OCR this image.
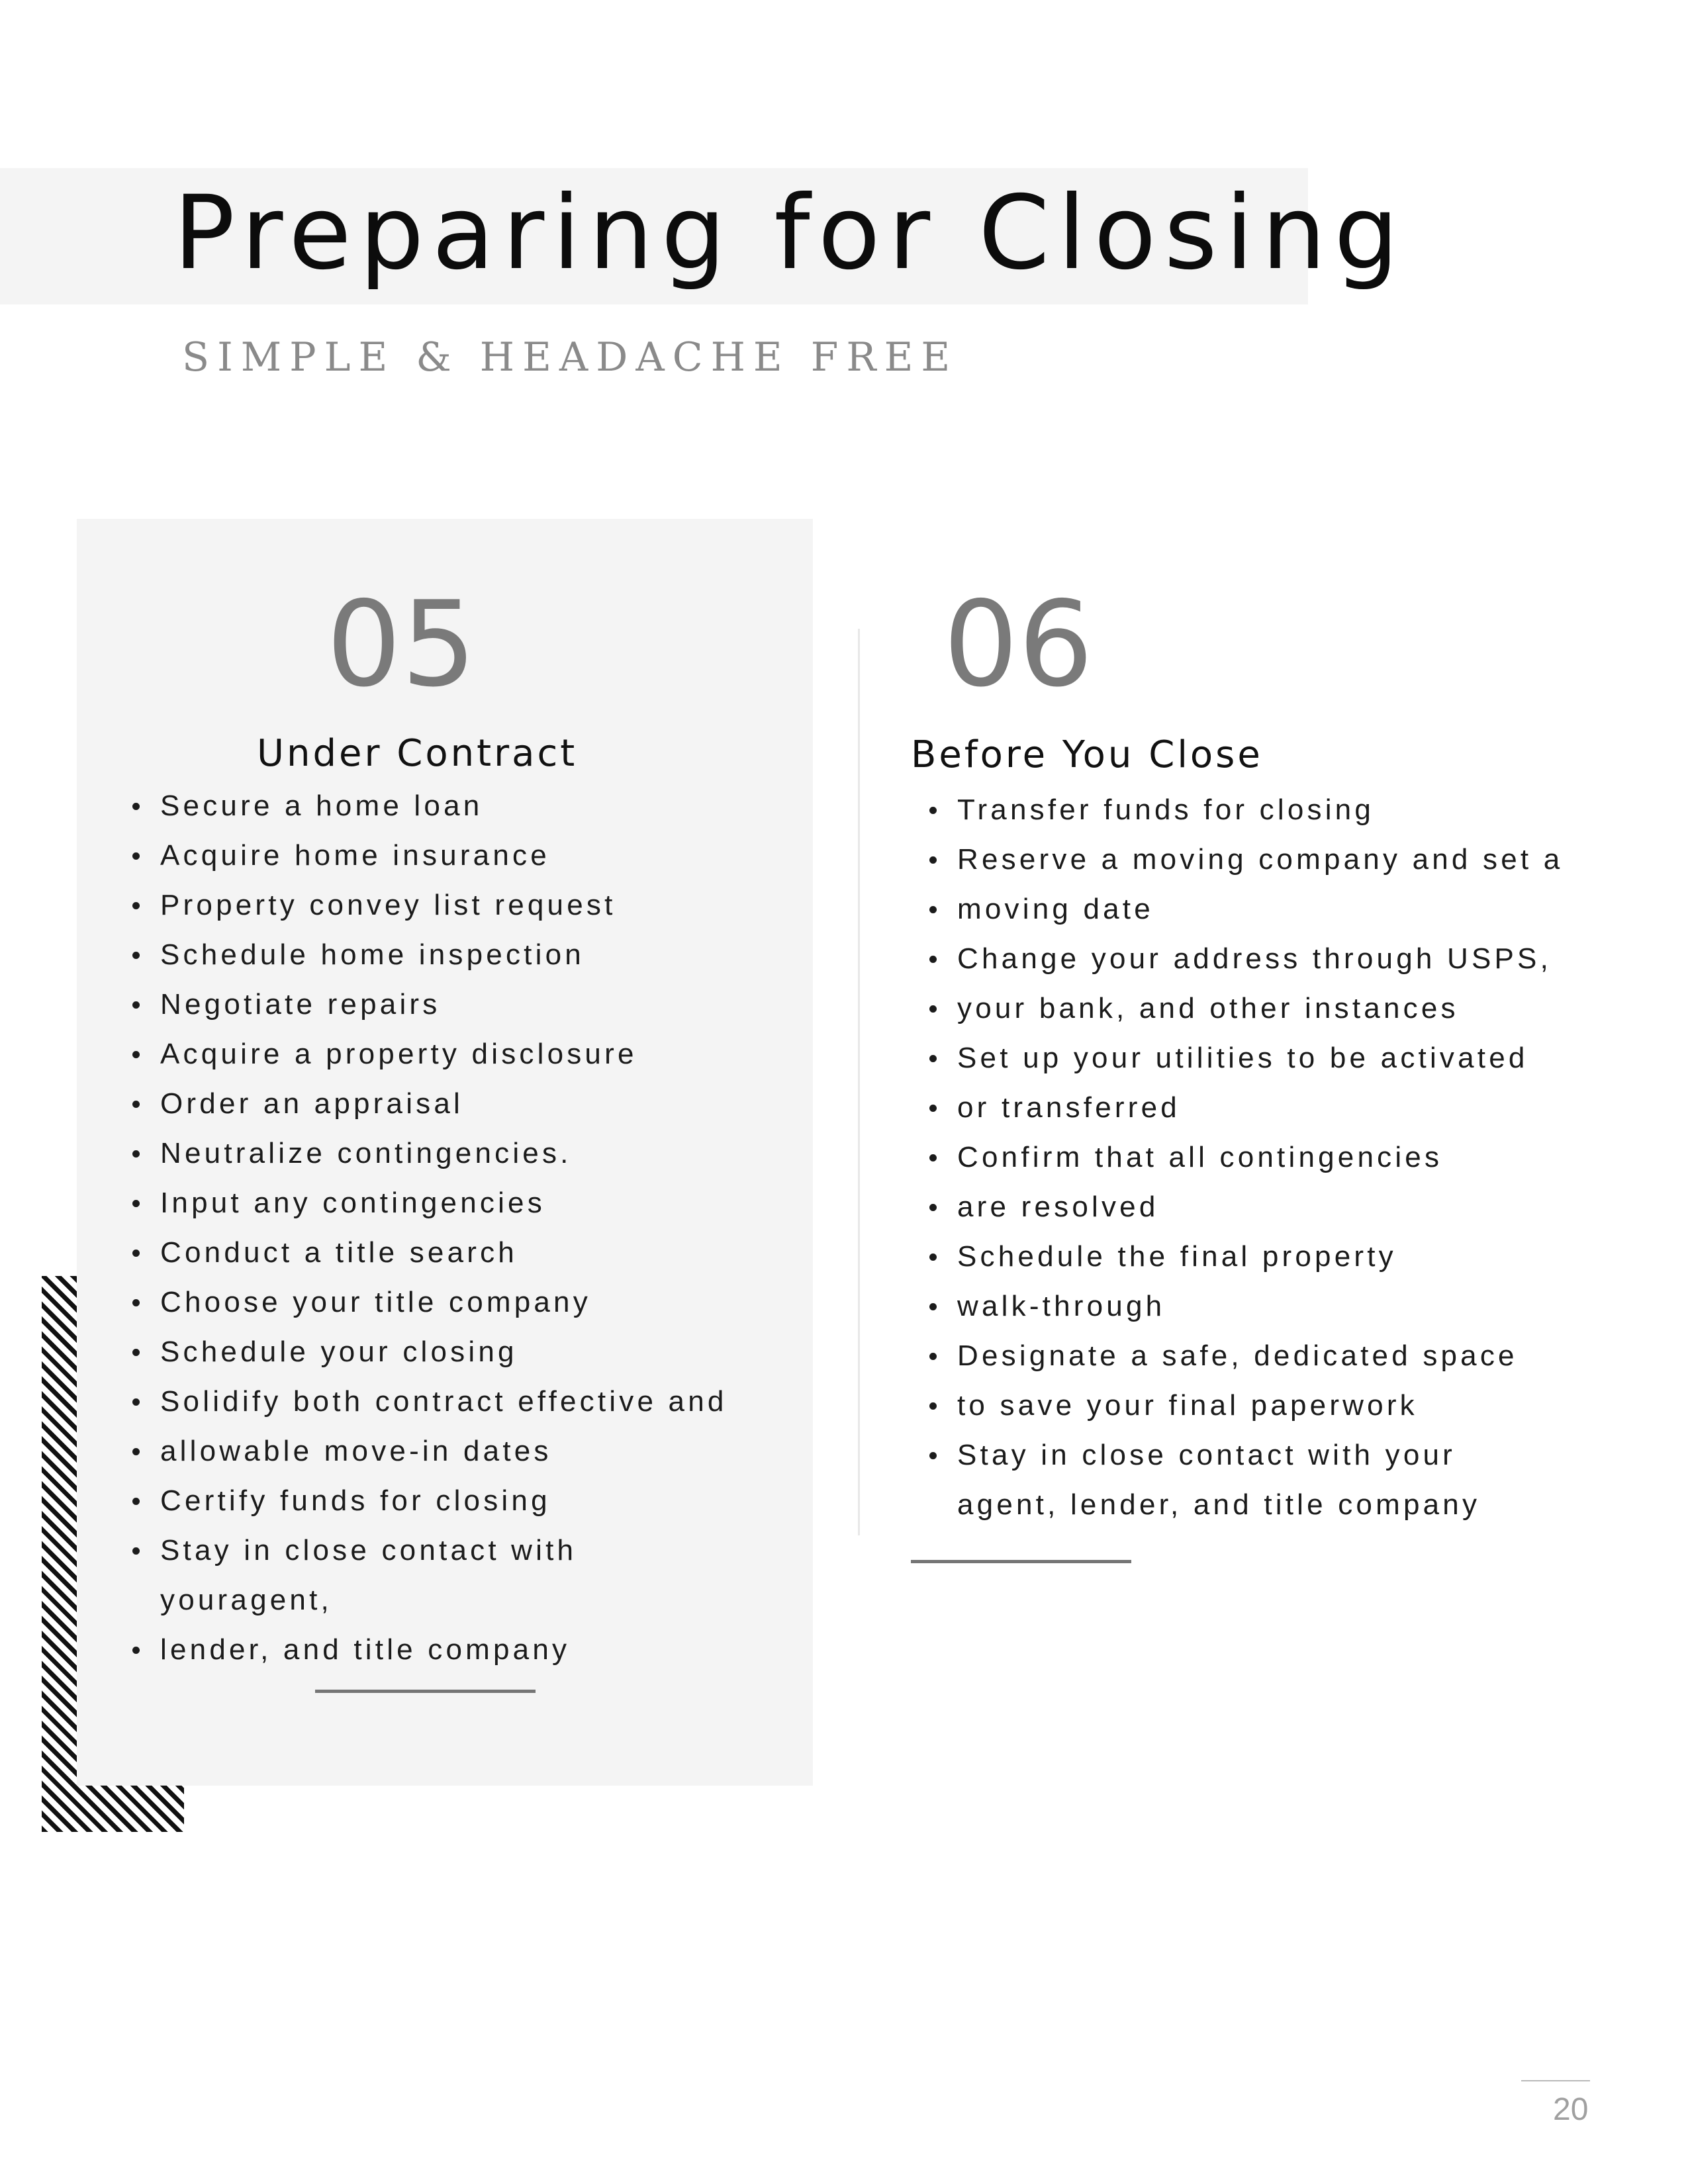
Preparing for Closing

SIMPLE & HEADACHE FREE

05
Under Contract
Secure a home loan
Acquire home insurance
Property convey list request
Schedule home inspection
Negotiate repairs
Acquire a property disclosure
Order an appraisal
Neutralize contingencies.
Input any contingencies
Conduct a title search
Choose your title company
Schedule your closing
Solidify both contract effective and
allowable move-in dates
Certify funds for closing
Stay in close contact with
youragent,
lender, and title company
06
Before You Close
Transfer funds for closing
Reserve a moving company and set a
moving date
Change your address through USPS,
your bank, and other instances
Set up your utilities to be activated
or transferred
Confirm that all contingencies
are resolved
Schedule the final property
walk-through
Designate a safe, dedicated space
to save your final paperwork
Stay in close contact with your
agent, lender, and title company

20
